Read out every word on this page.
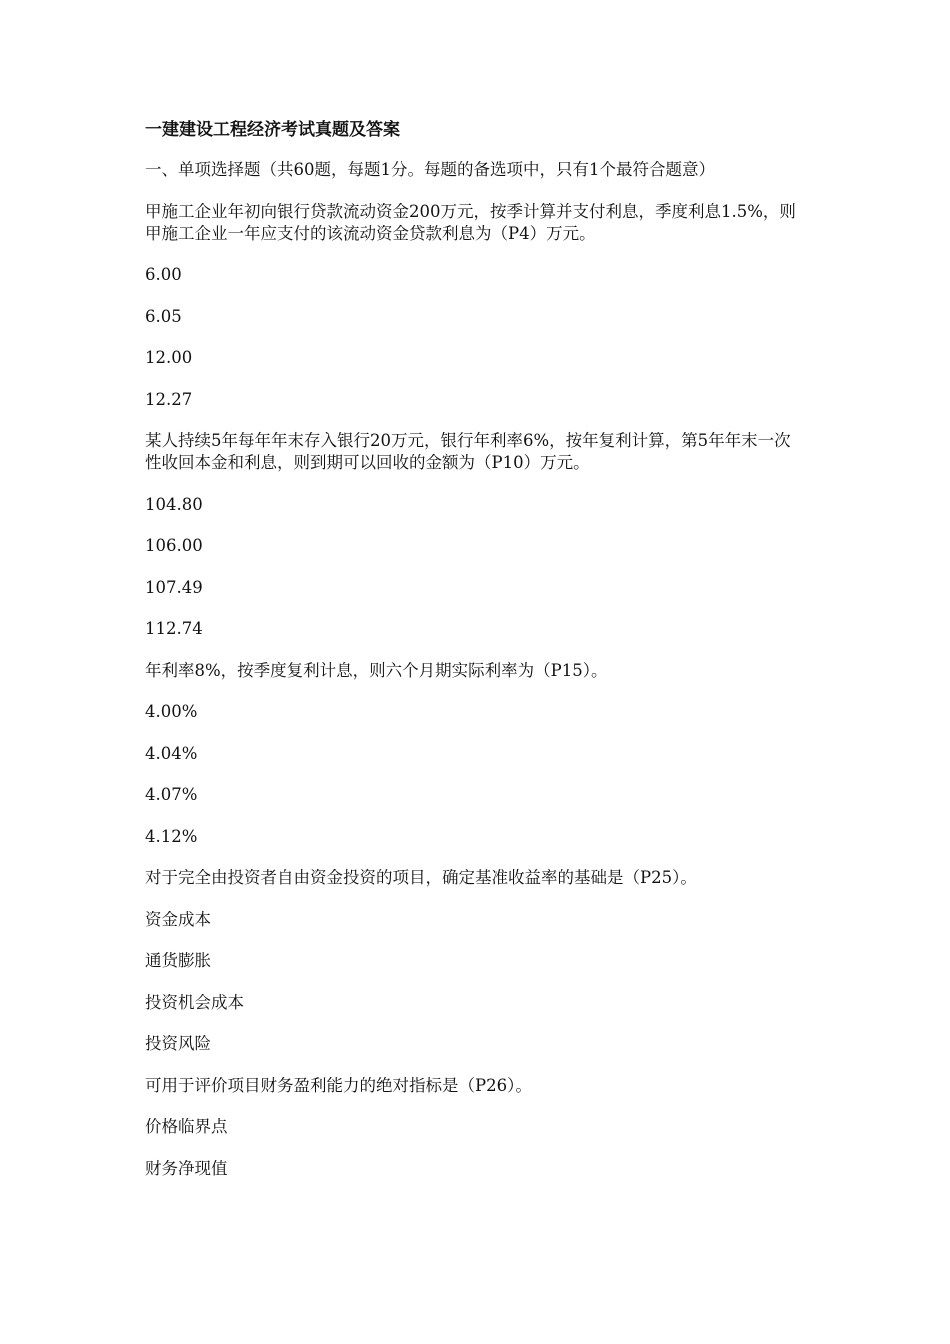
一建建设工程经济考试真题及答案
一、单项选择题（共60题，每题1分。每题的备选项中，只有1个最符合题意）
甲施工企业年初向银行贷款流动资金200万元，按季计算并支付利息，季度利息1.5%，则甲施工企业一年应支付的该流动资金贷款利息为（P4）万元。
6.00
6.05
12.00
12.27
某人持续5年每年年末存入银行20万元，银行年利率6%，按年复利计算，第5年年末一次性收回本金和利息，则到期可以回收的金额为（P10）万元。
104.80
106.00
107.49
112.74
年利率8%，按季度复利计息，则六个月期实际利率为（P15）。
4.00%
4.04%
4.07%
4.12%
对于完全由投资者自由资金投资的项目，确定基准收益率的基础是（P25）。
资金成本
通货膨胀
投资机会成本
投资风险
可用于评价项目财务盈利能力的绝对指标是（P26）。
价格临界点
财务净现值
